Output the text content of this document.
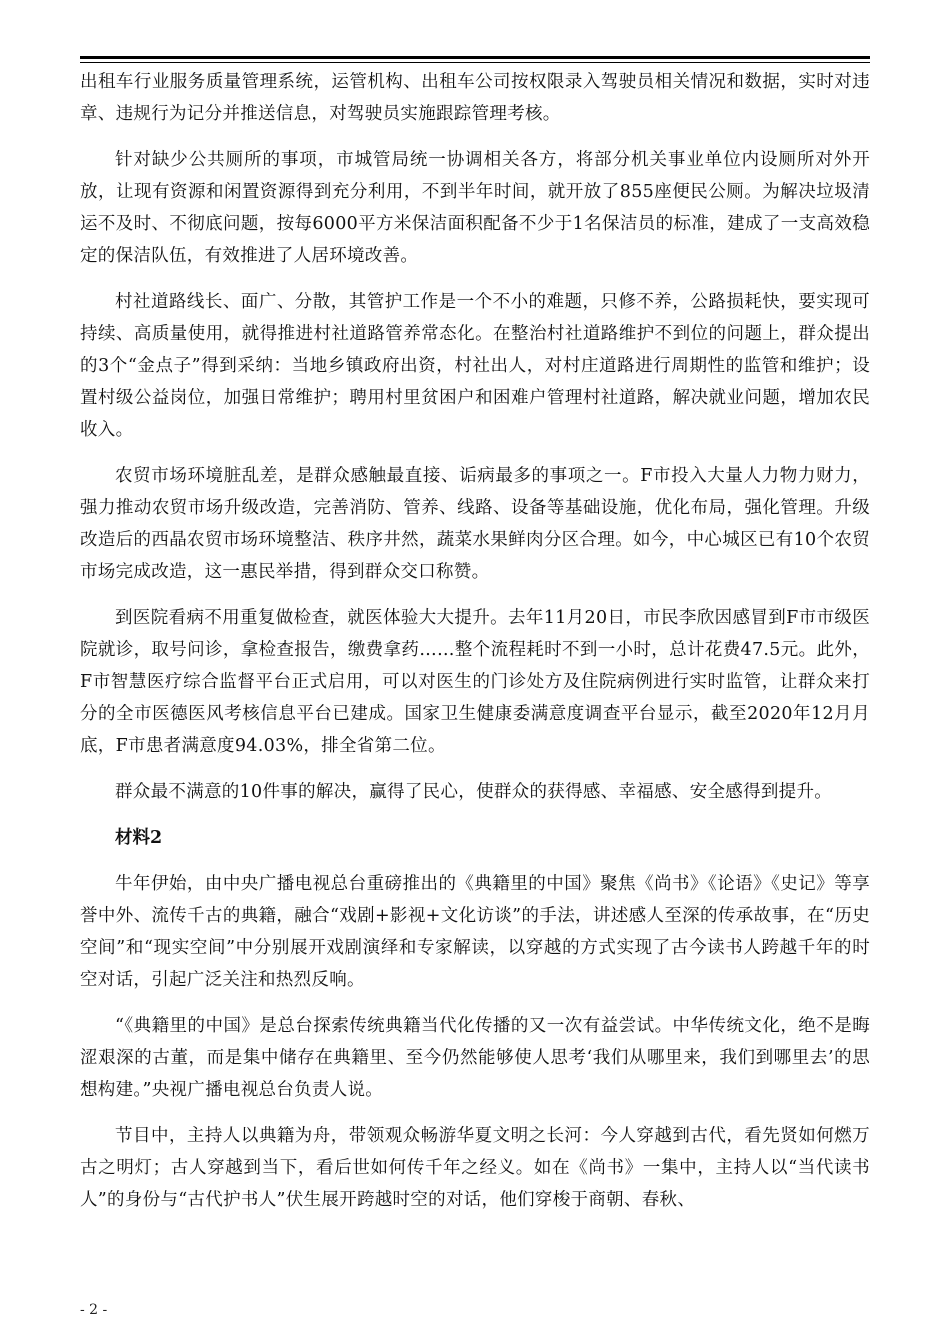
出租车行业服务质量管理系统，运管机构、出租车公司按权限录入驾驶员相关情况和数据，实时对违章、违规行为记分并推送信息，对驾驶员实施跟踪管理考核。

针对缺少公共厕所的事项，市城管局统一协调相关各方，将部分机关事业单位内设厕所对外开放，让现有资源和闲置资源得到充分利用，不到半年时间，就开放了855座便民公厕。为解决垃圾清运不及时、不彻底问题，按每6000平方米保洁面积配备不少于1名保洁员的标准，建成了一支高效稳定的保洁队伍，有效推进了人居环境改善。

村社道路线长、面广、分散，其管护工作是一个不小的难题，只修不养，公路损耗快，要实现可持续、高质量使用，就得推进村社道路管养常态化。在整治村社道路维护不到位的问题上，群众提出的3个“金点子”得到采纳：当地乡镇政府出资，村社出人，对村庄道路进行周期性的监管和维护；设置村级公益岗位，加强日常维护；聘用村里贫困户和困难户管理村社道路，解决就业问题，增加农民收入。

农贸市场环境脏乱差，是群众感触最直接、诟病最多的事项之一。F市投入大量人力物力财力，强力推动农贸市场升级改造，完善消防、管养、线路、设备等基础设施，优化布局，强化管理。升级改造后的西晶农贸市场环境整洁、秩序井然，蔬菜水果鲜肉分区合理。如今，中心城区已有10个农贸市场完成改造，这一惠民举措，得到群众交口称赞。

到医院看病不用重复做检查，就医体验大大提升。去年11月20日，市民李欣因感冒到F市市级医院就诊，取号问诊，拿检查报告，缴费拿药……整个流程耗时不到一小时，总计花费47.5元。此外，F市智慧医疗综合监督平台正式启用，可以对医生的门诊处方及住院病例进行实时监管，让群众来打分的全市医德医风考核信息平台已建成。国家卫生健康委满意度调查平台显示，截至2020年12月月底，F市患者满意度94.03%，排全省第二位。

群众最不满意的10件事的解决，赢得了民心，使群众的获得感、幸福感、安全感得到提升。

材料2

牛年伊始，由中央广播电视总台重磅推出的《典籍里的中国》聚焦《尚书》《论语》《史记》等享誉中外、流传千古的典籍，融合“戏剧+影视+文化访谈”的手法，讲述感人至深的传承故事，在“历史空间”和“现实空间”中分别展开戏剧演绎和专家解读，以穿越的方式实现了古今读书人跨越千年的时空对话，引起广泛关注和热烈反响。

“《典籍里的中国》是总台探索传统典籍当代化传播的又一次有益尝试。中华传统文化，绝不是晦涩艰深的古董，而是集中储存在典籍里、至今仍然能够使人思考‘我们从哪里来，我们到哪里去’的思想构建。”央视广播电视总台负责人说。

节目中，主持人以典籍为舟，带领观众畅游华夏文明之长河：今人穿越到古代，看先贤如何燃万古之明灯；古人穿越到当下，看后世如何传千年之经义。如在《尚书》一集中，主持人以“当代读书人”的身份与“古代护书人”伏生展开跨越时空的对话，他们穿梭于商朝、春秋、

- 2 -
